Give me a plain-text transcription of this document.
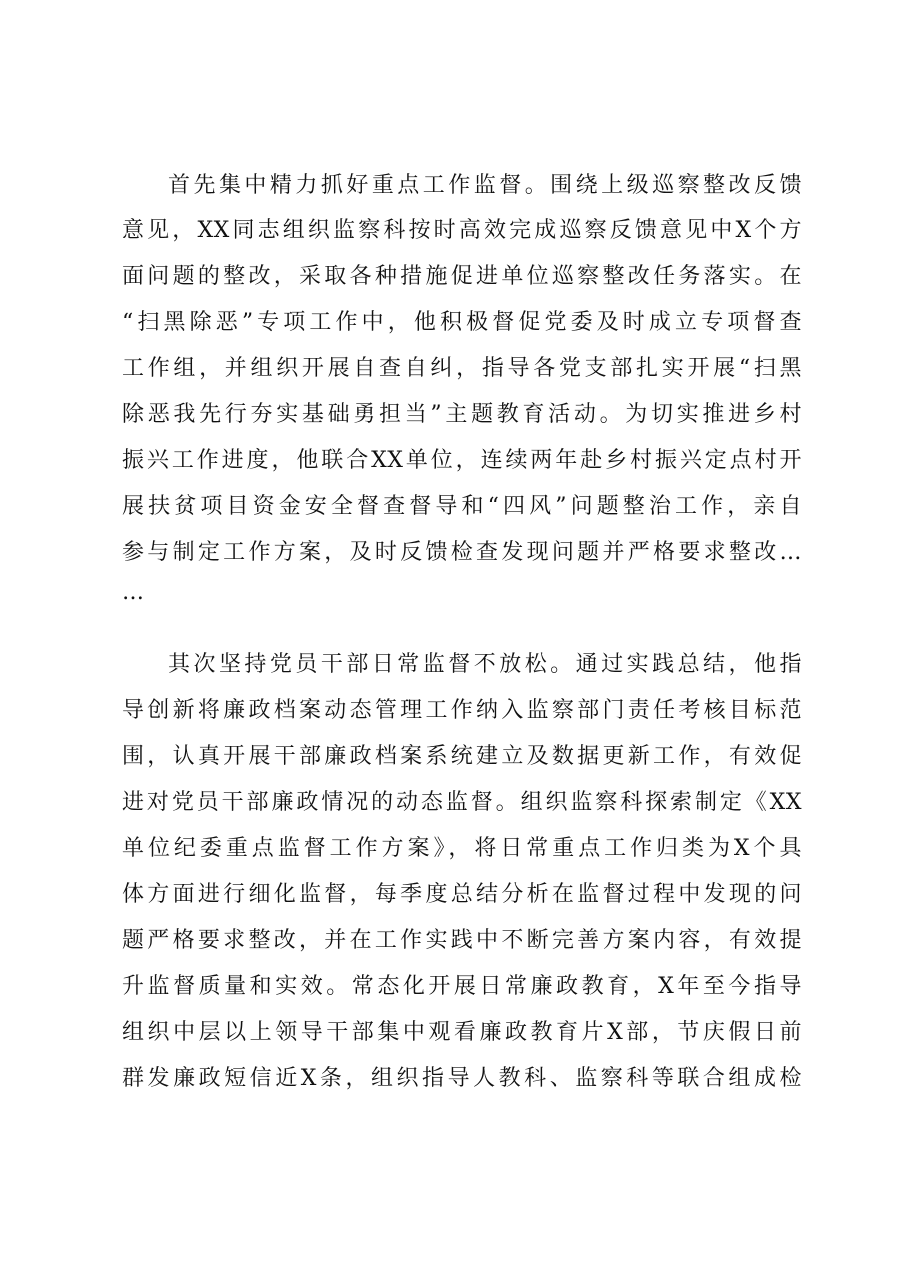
首先集中精力抓好重点工作监督。围绕上级巡察整改反馈
意见，XX同志组织监察科按时高效完成巡察反馈意见中X个方
面问题的整改，采取各种措施促进单位巡察整改任务落实。在
“扫黑除恶”专项工作中，他积极督促党委及时成立专项督查
工作组，并组织开展自查自纠，指导各党支部扎实开展“扫黑
除恶我先行夯实基础勇担当”主题教育活动。为切实推进乡村
振兴工作进度，他联合XX单位，连续两年赴乡村振兴定点村开
展扶贫项目资金安全督查督导和“四风”问题整治工作，亲自
参与制定工作方案，及时反馈检查发现问题并严格要求整改…
…
其次坚持党员干部日常监督不放松。通过实践总结，他指
导创新将廉政档案动态管理工作纳入监察部门责任考核目标范
围，认真开展干部廉政档案系统建立及数据更新工作，有效促
进对党员干部廉政情况的动态监督。组织监察科探索制定《XX
单位纪委重点监督工作方案》，将日常重点工作归类为X个具
体方面进行细化监督，每季度总结分析在监督过程中发现的问
题严格要求整改，并在工作实践中不断完善方案内容，有效提
升监督质量和实效。常态化开展日常廉政教育，X年至今指导
组织中层以上领导干部集中观看廉政教育片X部，节庆假日前
群发廉政短信近X条，组织指导人教科、监察科等联合组成检
